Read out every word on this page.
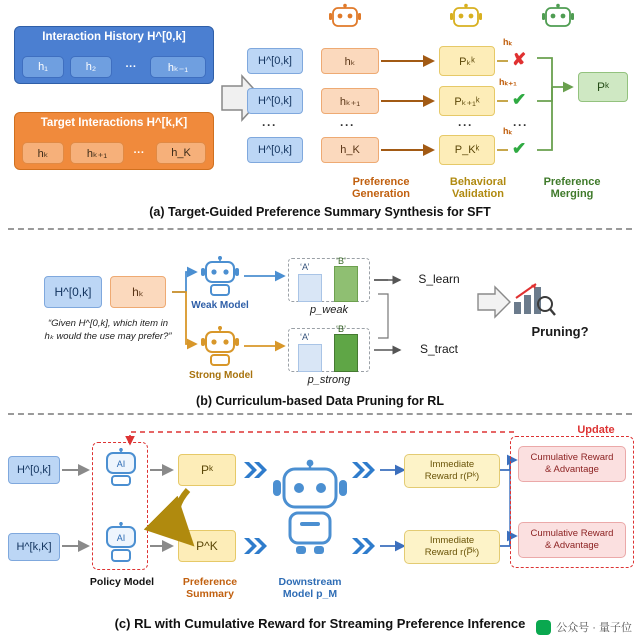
Interaction History H^[0,k]
h₁	h₂	···	hₖ₋₁
Target Interactions H^[k,K]
hₖ	hₖ₊₁	···	h_K
H^[0,k]	hₖ	Pₖᵏ	✘
hₖ
H^[0,k]	hₖ₊₁	Pₖ₊₁ᵏ	✔
hₖ₊₁
···	···	···	···
H^[0,k]	h_K	P_Kᵏ	✔
hₖ
Pᵏ
Preference
Generation
Behavioral
Validation
Preference
Merging
(a) Target-Guided Preference Summary Synthesis for SFT
H^[0,k]	hₖ
“Given H^[0,k], which item in
hₖ would the use may prefer?”
Weak Model
Strong Model
‘A’
‘B’
p_weak
‘A’
‘B’
p_strong
S_learn
S_tract
Pruning?
(b) Curriculum-based Data Pruning for RL
H^[0,k]
H^[k,K]
AI
AI
Pᵏ
P^K
Immediate
Reward r(Pᵏ)
Immediate
Reward r(P̅ᵏ)
Update
Cumulative Reward
& Advantage
Cumulative Reward
& Advantage
Policy Model	Preference
Summary
Downstream
Model p_M
(c) RL with Cumulative Reward for Streaming Preference Inference	公众号 · 量子位
